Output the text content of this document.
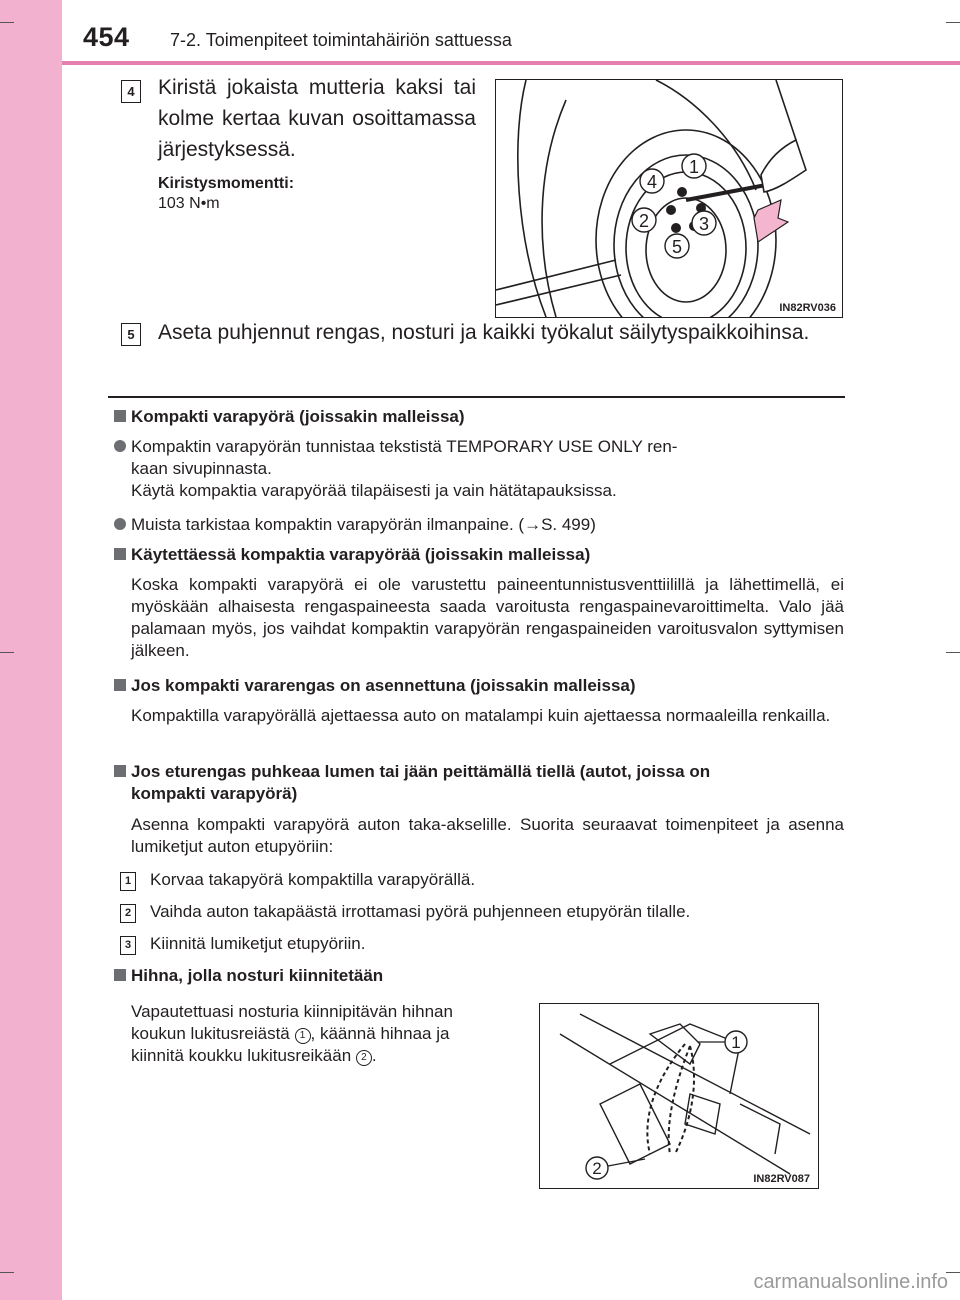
454 7-2. Toimenpiteet toimintahäiriön sattuessa
4	Kiristä jokaista mutteria kaksi tai kolme kertaa kuvan osoittamassa järjestyksessä.
Kiristysmomentti:
103 N•m
1
2	3
4
5
IN82RV036
5	Aseta puhjennut rengas, nosturi ja kaikki työkalut säilytyspaikkoihinsa.
Kompakti varapyörä (joissakin malleissa)
Kompaktin varapyörän tunnistaa tekstistä TEMPORARY USE ONLY ren-
kaan sivupinnasta.
Käytä kompaktia varapyörää tilapäisesti ja vain hätätapauksissa.
Muista tarkistaa kompaktin varapyörän ilmanpaine. (→S. 499)
Käytettäessä kompaktia varapyörää (joissakin malleissa)
Koska kompakti varapyörä ei ole varustettu paineentunnistusventtiilillä ja lähettimellä, ei myöskään alhaisesta rengaspaineesta saada varoitusta rengaspainevaroittimelta. Valo jää palamaan myös, jos vaihdat kompaktin varapyörän rengaspaineiden varoitusvalon syttymisen jälkeen.
Jos kompakti vararengas on asennettuna (joissakin malleissa)
Kompaktilla varapyörällä ajettaessa auto on matalampi kuin ajettaessa normaaleilla renkailla.
Jos eturengas puhkeaa lumen tai jään peittämällä tiellä (autot, joissa on
kompakti varapyörä)
Asenna kompakti varapyörä auton taka-akselille. Suorita seuraavat toimenpiteet ja asenna lumiketjut auton etupyöriin:
1 Korvaa takapyörä kompaktilla varapyörällä.
2 Vaihda auton takapäästä irrottamasi pyörä puhjenneen etupyörän tilalle.
3 Kiinnitä lumiketjut etupyöriin.
Hihna, jolla nosturi kiinnitetään
Vapautettuasi nosturia kiinnipitävän hihnan
koukun lukitusreiästä 1 , käännä hihnaa ja
kiinnitä koukku lukitusreikään 2 .
1
2
IN82RV087
carmanualsonline.info
